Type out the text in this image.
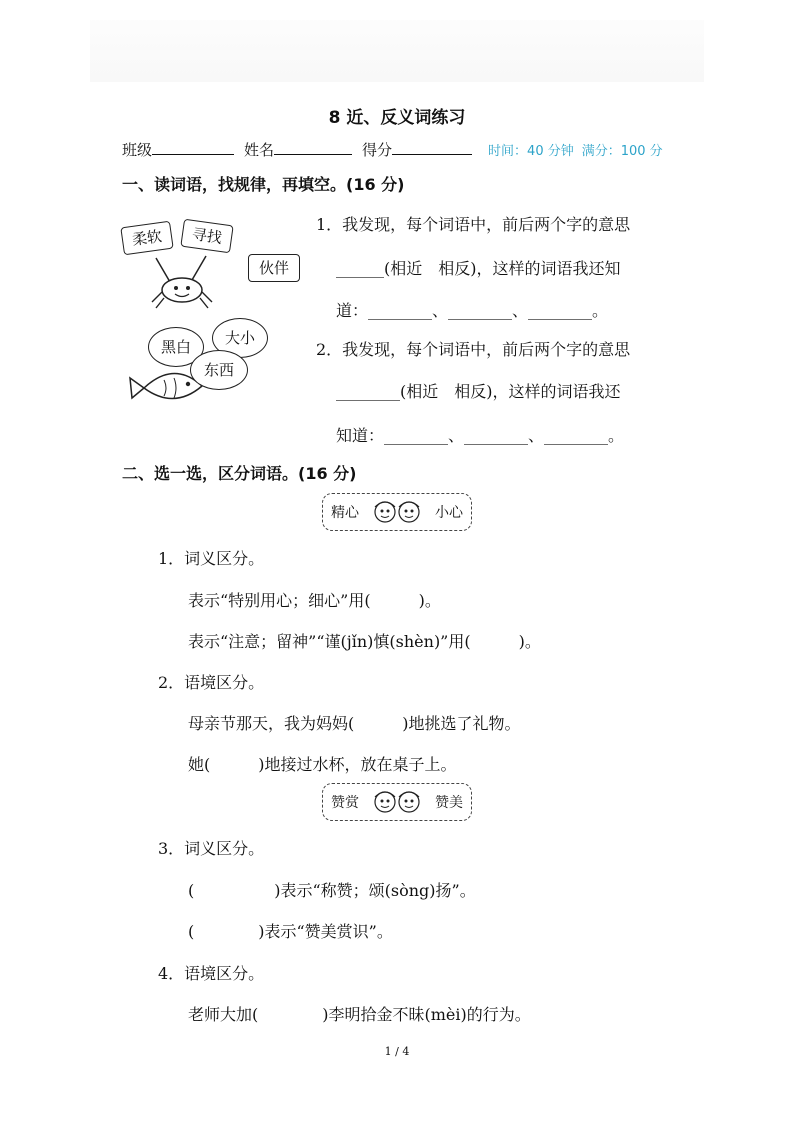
8 近、反义词练习
班级	姓名	得分	时间：40 分钟 满分：100 分
一、读词语，找规律，再填空。(16 分)
柔软	寻找
伙伴
黑白	大小
东西
1．我发现，每个词语中，前后两个字的意思
______(相近　相反)，这样的词语我还知
道：________、________、________。
2．我发现，每个词语中，前后两个字的意思
________(相近　相反)，这样的词语我还
知道：________、________、________。
二、选一选，区分词语。(16 分)
精心	小心
1．词义区分。
表示“特别用心；细心”用(　　　)。
表示“注意；留神”“谨(jǐn)慎(shèn)”用(　　　)。
2．语境区分。
母亲节那天，我为妈妈(　　　)地挑选了礼物。
她(　　　)地接过水杯，放在桌子上。
赞赏	赞美
3．词义区分。
(　　　　　)表示“称赞；颂(sòng)扬”。
(　　　　)表示“赞美赏识”。
4．语境区分。
老师大加(　　　　)李明拾金不昧(mèi)的行为。
1 / 4
